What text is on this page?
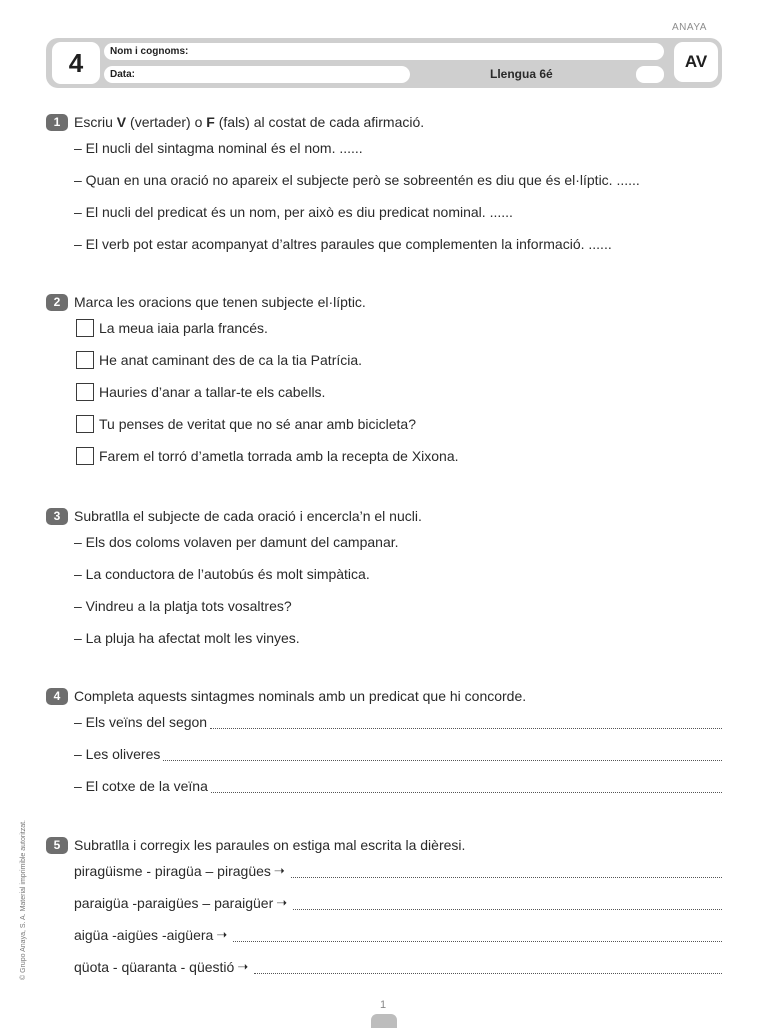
ANAYA
4	Nom i cognoms:
Data:	Llengua 6é
AV
1 Escriu
V
(vertader) o
F
(fals) al costat de cada afirmació.
– El nucli del sintagma nominal és el nom. ......
– Quan en una oració no apareix el subjecte però se sobreentén es diu que és el·líptic. ......
– El nucli del predicat és un nom, per això es diu predicat nominal. ......
– El verb pot estar acompanyat d’altres paraules que complementen la informació. ......
2 Marca les oracions que tenen subjecte el·líptic.
La meua iaia parla francés.
He anat caminant des de ca la tia Patrícia.
Hauries d’anar a tallar-te els cabells.
Tu penses de veritat que no sé anar amb bicicleta?
Farem el torró d’ametla torrada amb la recepta de Xixona.
3 Subratlla el subjecte de cada oració i encercla’n el nucli.
– Els dos coloms volaven per damunt del campanar.
– La conductora de l’autobús és molt simpàtica.
– Vindreu a la platja tots vosaltres?
– La pluja ha afectat molt les vinyes.
4 Completa aquests sintagmes nominals amb un predicat que hi concorde.
– Els veïns del segon
– Les oliveres
– El cotxe de la veïna
5 Subratlla i corregix les paraules on estiga mal escrita la dièresi.
piragüisme - piragüa – piragües ➝
paraigüa -paraigües – paraigüer ➝
aigüa -aigües -aigüera ➝
qüota - qüaranta - qüestió ➝
© Grupo Anaya, S. A. Material imprimible autoritzat.
1
